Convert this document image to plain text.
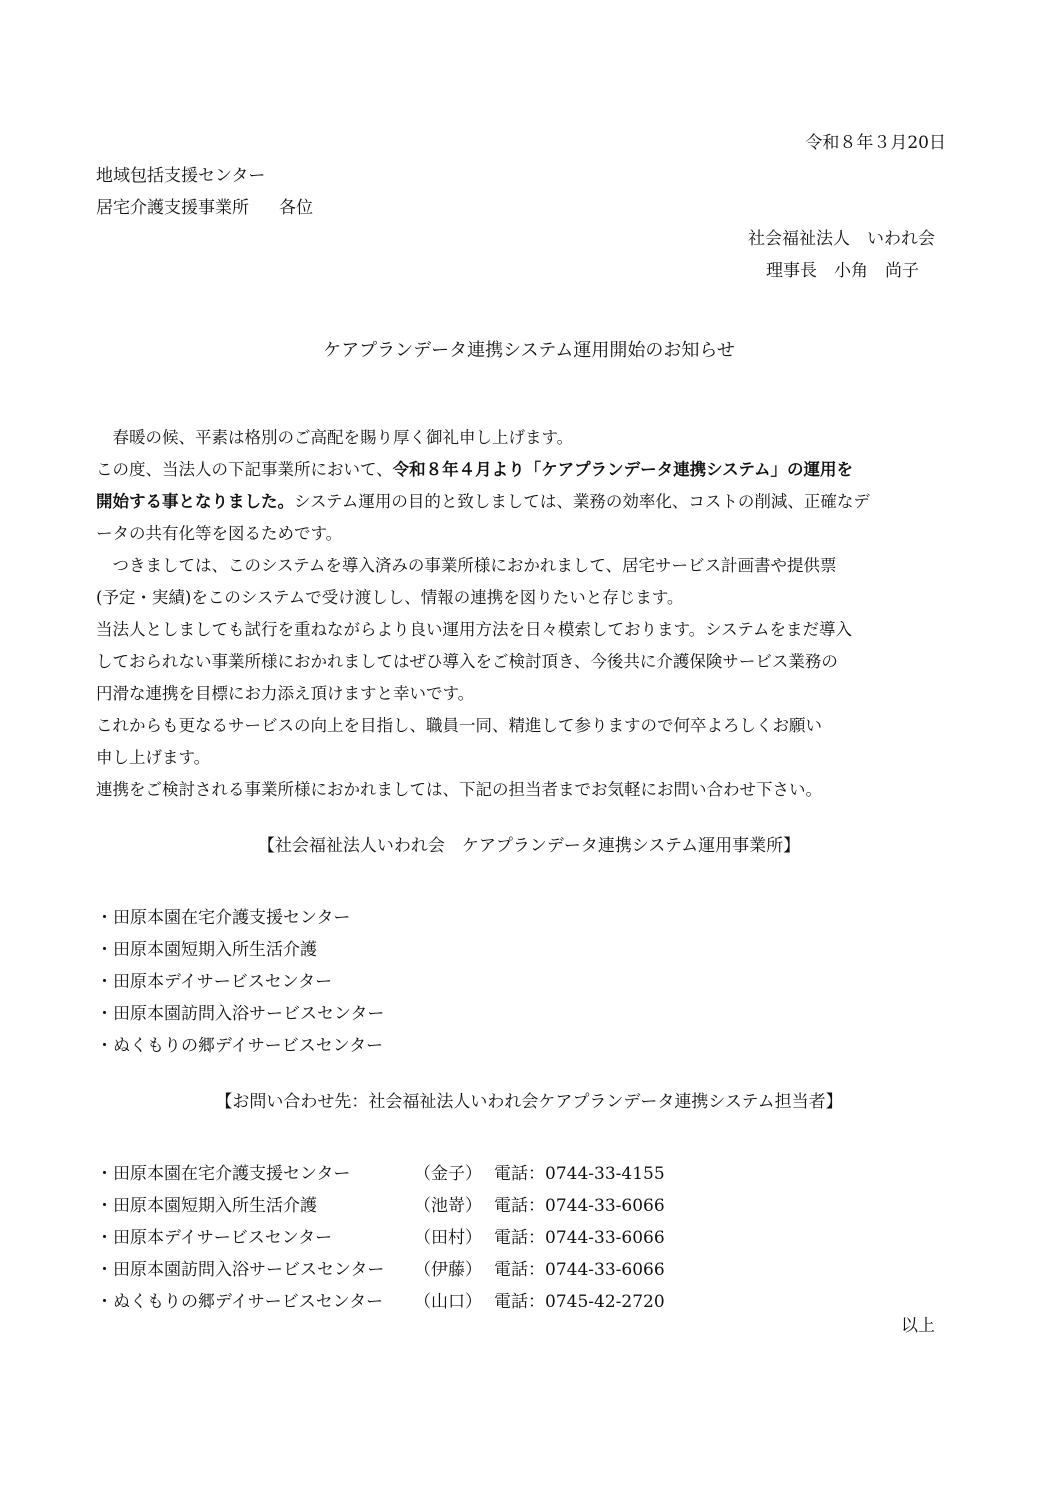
令和８年３月20日
地域包括支援センター
居宅介護支援事業所 各位
社会福祉法人　いわれ会
理事長　小角　尚子
ケアプランデータ連携システム運用開始のお知らせ

　春暖の候、平素は格別のご高配を賜り厚く御礼申し上げます。

この度、当法人の下記事業所において、令和８年４月より「ケアプランデータ連携システム」の運用を

開始する事となりました。システム運用の目的と致しましては、業務の効率化、コストの削減、正確なデ

ータの共有化等を図るためです。

　つきましては、このシステムを導入済みの事業所様におかれまして、居宅サービス計画書や提供票

(予定・実績)をこのシステムで受け渡しし、情報の連携を図りたいと存じます。

当法人としましても試行を重ねながらより良い運用方法を日々模索しております。システムをまだ導入

しておられない事業所様におかれましてはぜひ導入をご検討頂き、今後共に介護保険サービス業務の

円滑な連携を目標にお力添え頂けますと幸いです。

これからも更なるサービスの向上を目指し、職員一同、精進して参りますので何卒よろしくお願い

申し上げます。

連携をご検討される事業所様におかれましては、下記の担当者までお気軽にお問い合わせ下さい。

【社会福祉法人いわれ会　ケアプランデータ連携システム運用事業所】
・田原本園在宅介護支援センター
・田原本園短期入所生活介護
・田原本デイサービスセンター
・田原本園訪問入浴サービスセンター
・ぬくもりの郷デイサービスセンター
【お問い合わせ先：社会福祉法人いわれ会ケアプランデータ連携システム担当者】
・田原本園在宅介護支援センター	（金子） 電話：0744-33-4155
・田原本園短期入所生活介護	（池嵜） 電話：0744-33-6066
・田原本デイサービスセンター	（田村） 電話：0744-33-6066
・田原本園訪問入浴サービスセンター （伊藤） 電話：0744-33-6066
・ぬくもりの郷デイサービスセンター （山口） 電話：0745-42-2720
以上
